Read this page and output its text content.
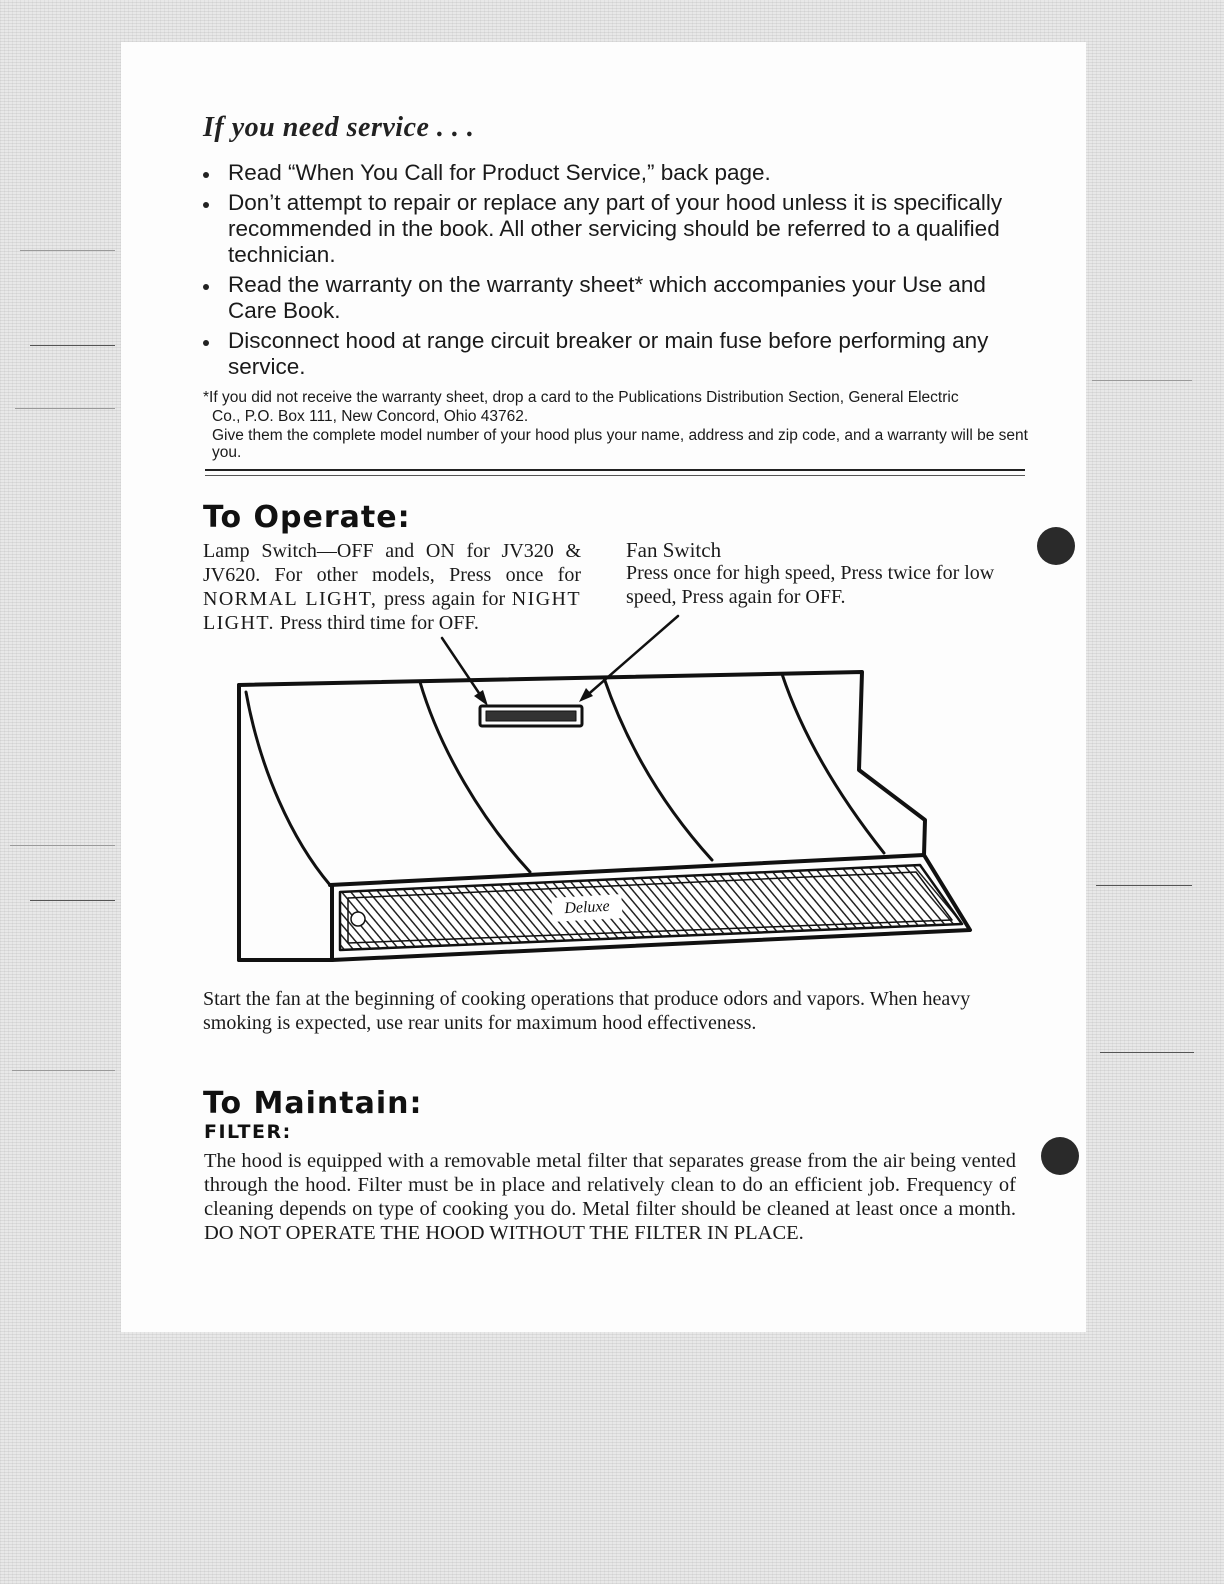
If you need service . . .
Read “When You Call for Product Service,” back page.
Don’t attempt to repair or replace any part of your hood unless it is specifically recommended in the book. All other servicing should be referred to a qualified technician.
Read the warranty on the warranty sheet* which accompanies your Use and Care Book.
Disconnect hood at range circuit breaker or main fuse before performing any service.

*If you did not receive the warranty sheet, drop a card to the Publications Distribution Section, General Electric

Co., P.O. Box 111, New Concord, Ohio 43762.

Give them the complete model number of your hood plus your name, address and zip code, and a warranty will be sent you.

To Operate:

Lamp Switch—OFF and ON for JV320 & JV620. For other models, Press once for NORMAL LIGHT, press again for NIGHT LIGHT. Press third time for OFF.

Fan Switch

Press once for high speed, Press twice for low speed, Press again for OFF.

Deluxe

Start the fan at the beginning of cooking operations that produce odors and vapors. When heavy smoking is expected, use rear units for maximum hood effectiveness.

To Maintain:
FILTER:

The hood is equipped with a removable metal filter that separates grease from the air being vented through the hood. Filter must be in place and relatively clean to do an efficient job. Frequency of cleaning depends on type of cooking you do. Metal filter should be cleaned at least once a month. DO NOT OPERATE THE HOOD WITHOUT THE FILTER IN PLACE.
